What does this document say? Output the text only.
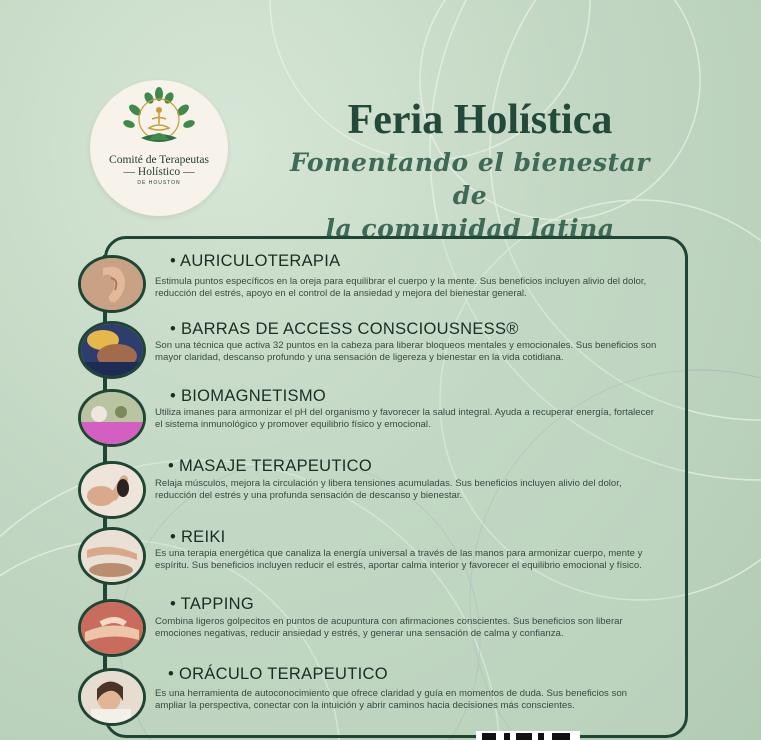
Comité de Terapeutas
— Holístico —
DE HOUSTON
Feria Holística
Fomentando el bienestar de
la comunidad latina
• AURICULOTERAPIA
Estimula puntos específicos en la oreja para equilibrar el cuerpo y la mente. Sus beneficios incluyen alivio del dolor, reducción del estrés, apoyo en el control de la ansiedad y mejora del bienestar general.
• BARRAS DE ACCESS CONSCIOUSNESS®
Son una técnica que activa 32 puntos en la cabeza para liberar bloqueos mentales y emocionales. Sus beneficios son mayor claridad, descanso profundo y una sensación de ligereza y bienestar en la vida cotidiana.
• BIOMAGNETISMO
Utiliza imanes para armonizar el pH del organismo y favorecer la salud integral. Ayuda a recuperar energía, fortalecer el sistema inmunológico y promover equilibrio físico y emocional.
• MASAJE TERAPEUTICO
Relaja músculos, mejora la circulación y libera tensiones acumuladas. Sus beneficios incluyen alivio del dolor, reducción del estrés y una profunda sensación de descanso y bienestar.
• REIKI
Es una terapia energética que canaliza la energía universal a través de las manos para armonizar cuerpo, mente y espíritu. Sus beneficios incluyen reducir el estrés, aportar calma interior y favorecer el equilibrio emocional y físico.
• TAPPING
Combina ligeros golpecitos en puntos de acupuntura con afirmaciones conscientes. Sus beneficios son liberar emociones negativas, reducir ansiedad y estrés, y generar una sensación de calma y confianza.
• ORÁCULO TERAPEUTICO
Es una herramienta de autoconocimiento que ofrece claridad y guía en momentos de duda. Sus beneficios son ampliar la perspectiva, conectar con la intuición y abrir caminos hacia decisiones más conscientes.
